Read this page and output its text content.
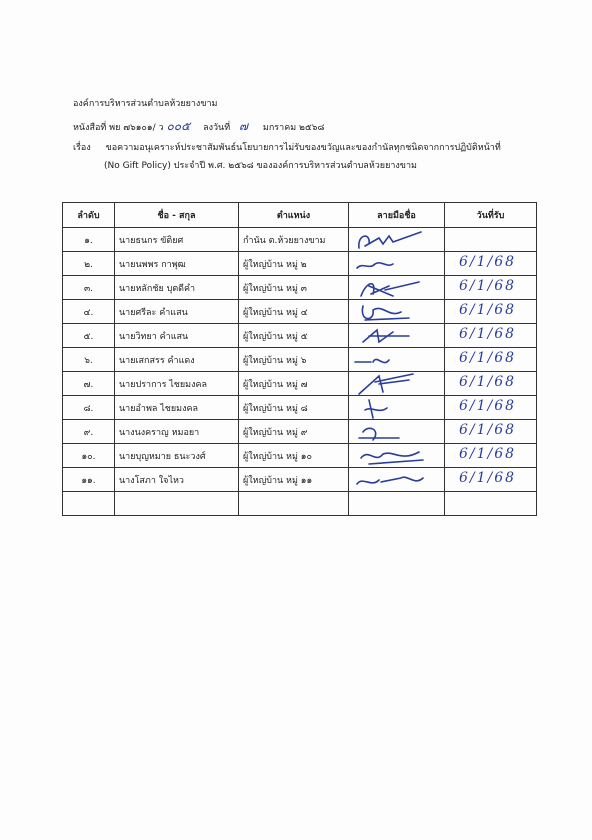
องค์การบริหารส่วนตำบลห้วยยางขาม
หนังสือที่ พย ๗๖๑๐๑/ ว ๐๐๕ ลงวันที่ ๗ มกราคม ๒๕๖๘
เรื่อง ขอความอนุเคราะห์ประชาสัมพันธ์นโยบายการไม่รับของขวัญและของกำนัลทุกชนิดจากการปฏิบัติหน้าที่
(No Gift Policy) ประจำปี พ.ศ. ๒๕๖๘ ขององค์การบริหารส่วนตำบลห้วยยางขาม
ลำดับ	ชื่อ - สกุล	ตำแหน่ง	ลายมือชื่อ	วันที่รับ
๑.	นายธนกร ขัติยศ	กำนัน ต.ห้วยยางขาม	

๒.	นายนพพร กาพุฒ	ผู้ใหญ่บ้าน หมู่ ๒		6/1/68

๓.	นายหลักชัย บุตดีคำ	ผู้ใหญ่บ้าน หมู่ ๓		6/1/68

๔.	นายศรีละ คำแสน	ผู้ใหญ่บ้าน หมู่ ๔		6/1/68

๕.	นายวิทยา คำแสน	ผู้ใหญ่บ้าน หมู่ ๕		6/1/68

๖.	นายเสกสรร คำแดง	ผู้ใหญ่บ้าน หมู่ ๖		6/1/68

๗.	นายปราการ ไชยมงคล	ผู้ใหญ่บ้าน หมู่ ๗		6/1/68

๘.	นายอำพล ไชยมงคล	ผู้ใหญ่บ้าน หมู่ ๘		6/1/68

๙.	นางนงคราญ หมอยา	ผู้ใหญ่บ้าน หมู่ ๙		6/1/68

๑๐.	นายบุญหมาย ธนะวงศ์	ผู้ใหญ่บ้าน หมู่ ๑๐		6/1/68

๑๑.	นางโสภา ใจไหว	ผู้ใหญ่บ้าน หมู่ ๑๑		6/1/68
